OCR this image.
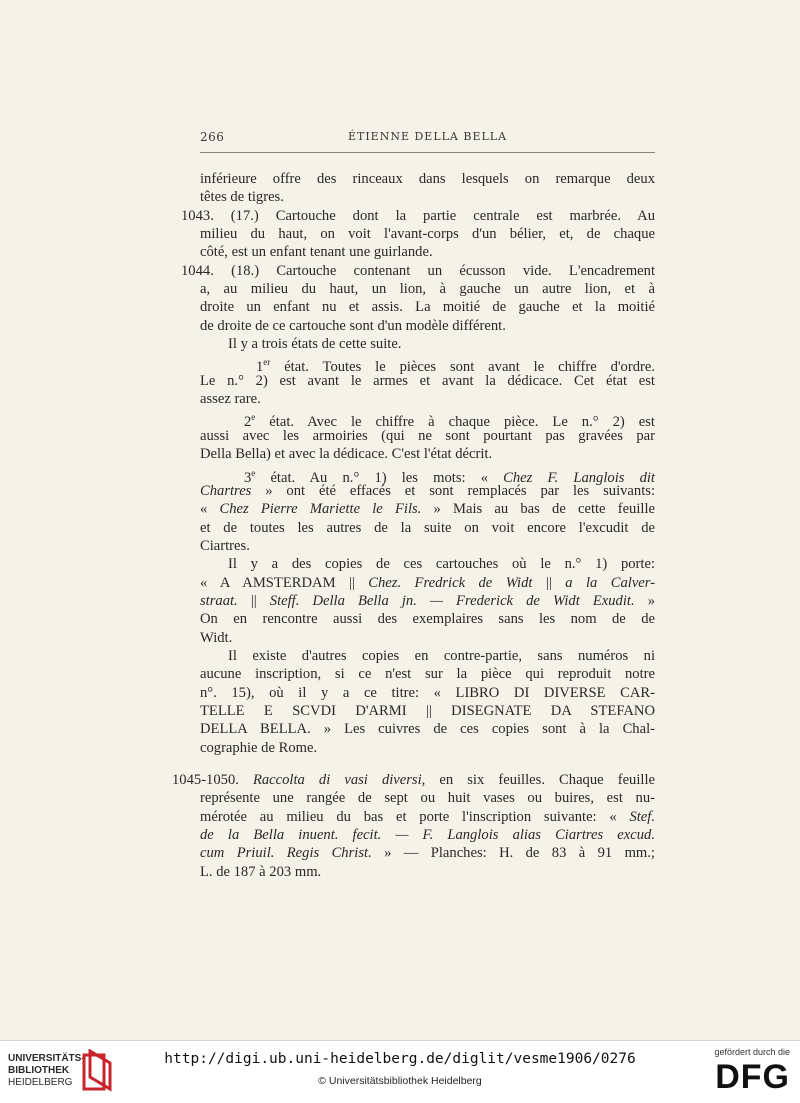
266	ÉTIENNE DELLA BELLA
inférieure offre des rinceaux dans lesquels on remarque deux
têtes de tigres.
1043. (17.) Cartouche dont la partie centrale est marbrée. Au
milieu du haut, on voit l'avant-corps d'un bélier, et, de chaque
côté, est un enfant tenant une guirlande.
1044. (18.) Cartouche contenant un écusson vide. L'encadrement
a, au milieu du haut, un lion, à gauche un autre lion, et à
droite un enfant nu et assis. La moitié de gauche et la moitié
de droite de ce cartouche sont d'un modèle différent.
Il y a trois états de cette suite.
1er état. Toutes le pièces sont avant le chiffre d'ordre.
Le n.° 2) est avant le armes et avant la dédicace. Cet état est
assez rare.
2e état. Avec le chiffre à chaque pièce. Le n.° 2) est
aussi avec les armoiries (qui ne sont pourtant pas gravées par
Della Bella) et avec la dédicace. C'est l'état décrit.
3e état. Au n.° 1) les mots: « Chez F. Langlois dit
Chartres » ont été effacés et sont remplacés par les suivants:
« Chez Pierre Mariette le Fils. » Mais au bas de cette feuille
et de toutes les autres de la suite on voit encore l'excudit de
Ciartres.
Il y a des copies de ces cartouches où le n.° 1) porte:
« A AMSTERDAM || Chez. Fredrick de Widt || a la Calver-
straat. || Steff. Della Bella jn. — Frederick de Widt Exudit. »
On en rencontre aussi des exemplaires sans les nom de de
Widt.
Il existe d'autres copies en contre-partie, sans numéros ni
aucune inscription, si ce n'est sur la pièce qui reproduit notre
n°. 15), où il y a ce titre: « LIBRO DI DIVERSE CAR-
TELLE E SCVDI D'ARMI || DISEGNATE DA STEFANO
DELLA BELLA. » Les cuivres de ces copies sont à la Chal-
cographie de Rome.
1045-1050. Raccolta di vasi diversi, en six feuilles. Chaque feuille
représente une rangée de sept ou huit vases ou buires, est nu-
mérotée au milieu du bas et porte l'inscription suivante: « Stef.
de la Bella inuent. fecit. — F. Langlois alias Ciartres excud.
cum Priuil. Regis Christ. » — Planches: H. de 83 à 91 mm.;
L. de 187 à 203 mm.
UNIVERSITÄTS-
BIBLIOTHEK
HEIDELBERG
http://digi.ub.uni-heidelberg.de/diglit/vesme1906/0276
© Universitätsbibliothek Heidelberg
gefördert durch die
DFG
